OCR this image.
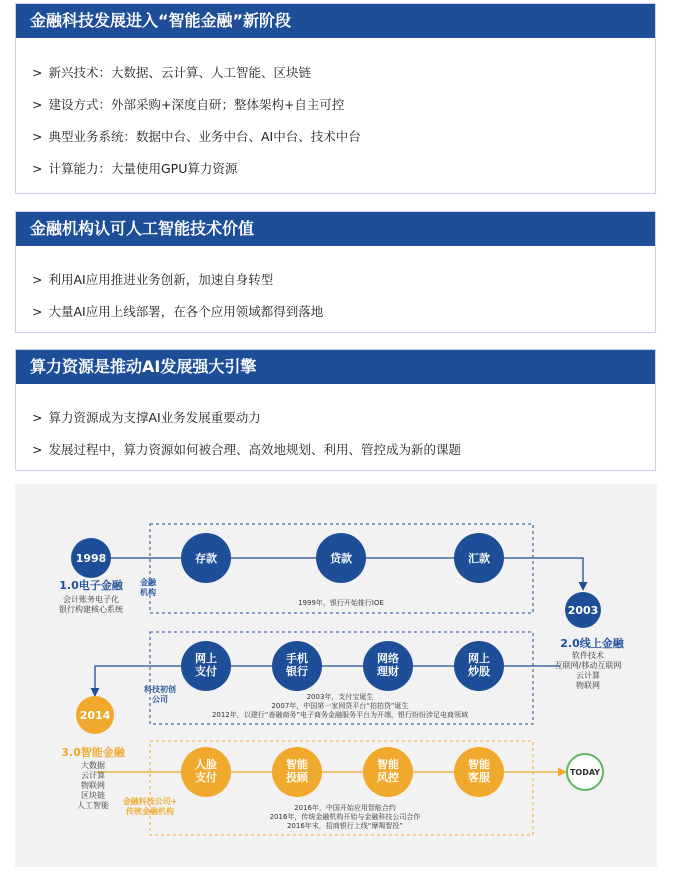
金融科技发展进入“智能金融”新阶段
> 新兴技术：大数据、云计算、人工智能、区块链
> 建设方式：外部采购+深度自研；整体架构+自主可控
> 典型业务系统：数据中台、业务中台、AI中台、技术中台
> 计算能力：大量使用GPU算力资源
金融机构认可人工智能技术价值
> 利用AI应用推进业务创新，加速自身转型
> 大量AI应用上线部署，在各个应用领域都得到落地
算力资源是推动AI发展强大引擎
> 算力资源成为支撑AI业务发展重要动力
> 发展过程中，算力资源如何被合理、高效地规划、利用、管控成为新的课题
1998
1.0电子金融
会计账务电子化
银行构建核心系统
金融
机构
存款	贷款	汇款
1999年，银行开始推行IOE
2003
2.0线上金融
软件技术
互联网/移动互联网
云计算
物联网
科技初创
公司
网上
支付
手机
银行
网络
理财
网上
炒股
2003年，支付宝诞生
2007年，中国第一家网贷平台“拍拍贷”诞生
2012年，以建行“善融商务”电子商务金融服务平台为开端，银行纷纷涉足电商领域
2014
3.0智能金融
大数据
云计算
物联网
区块链
人工智能 金融科技公司+
传统金融机构
人脸
支付
智能
投顾
智能
风控
智能
客服
2016年，中国开始应用智能合约
2016年，传统金融机构开始与金融科技公司合作
2016年末，招商银行上线“摩羯智投”
TODAY
